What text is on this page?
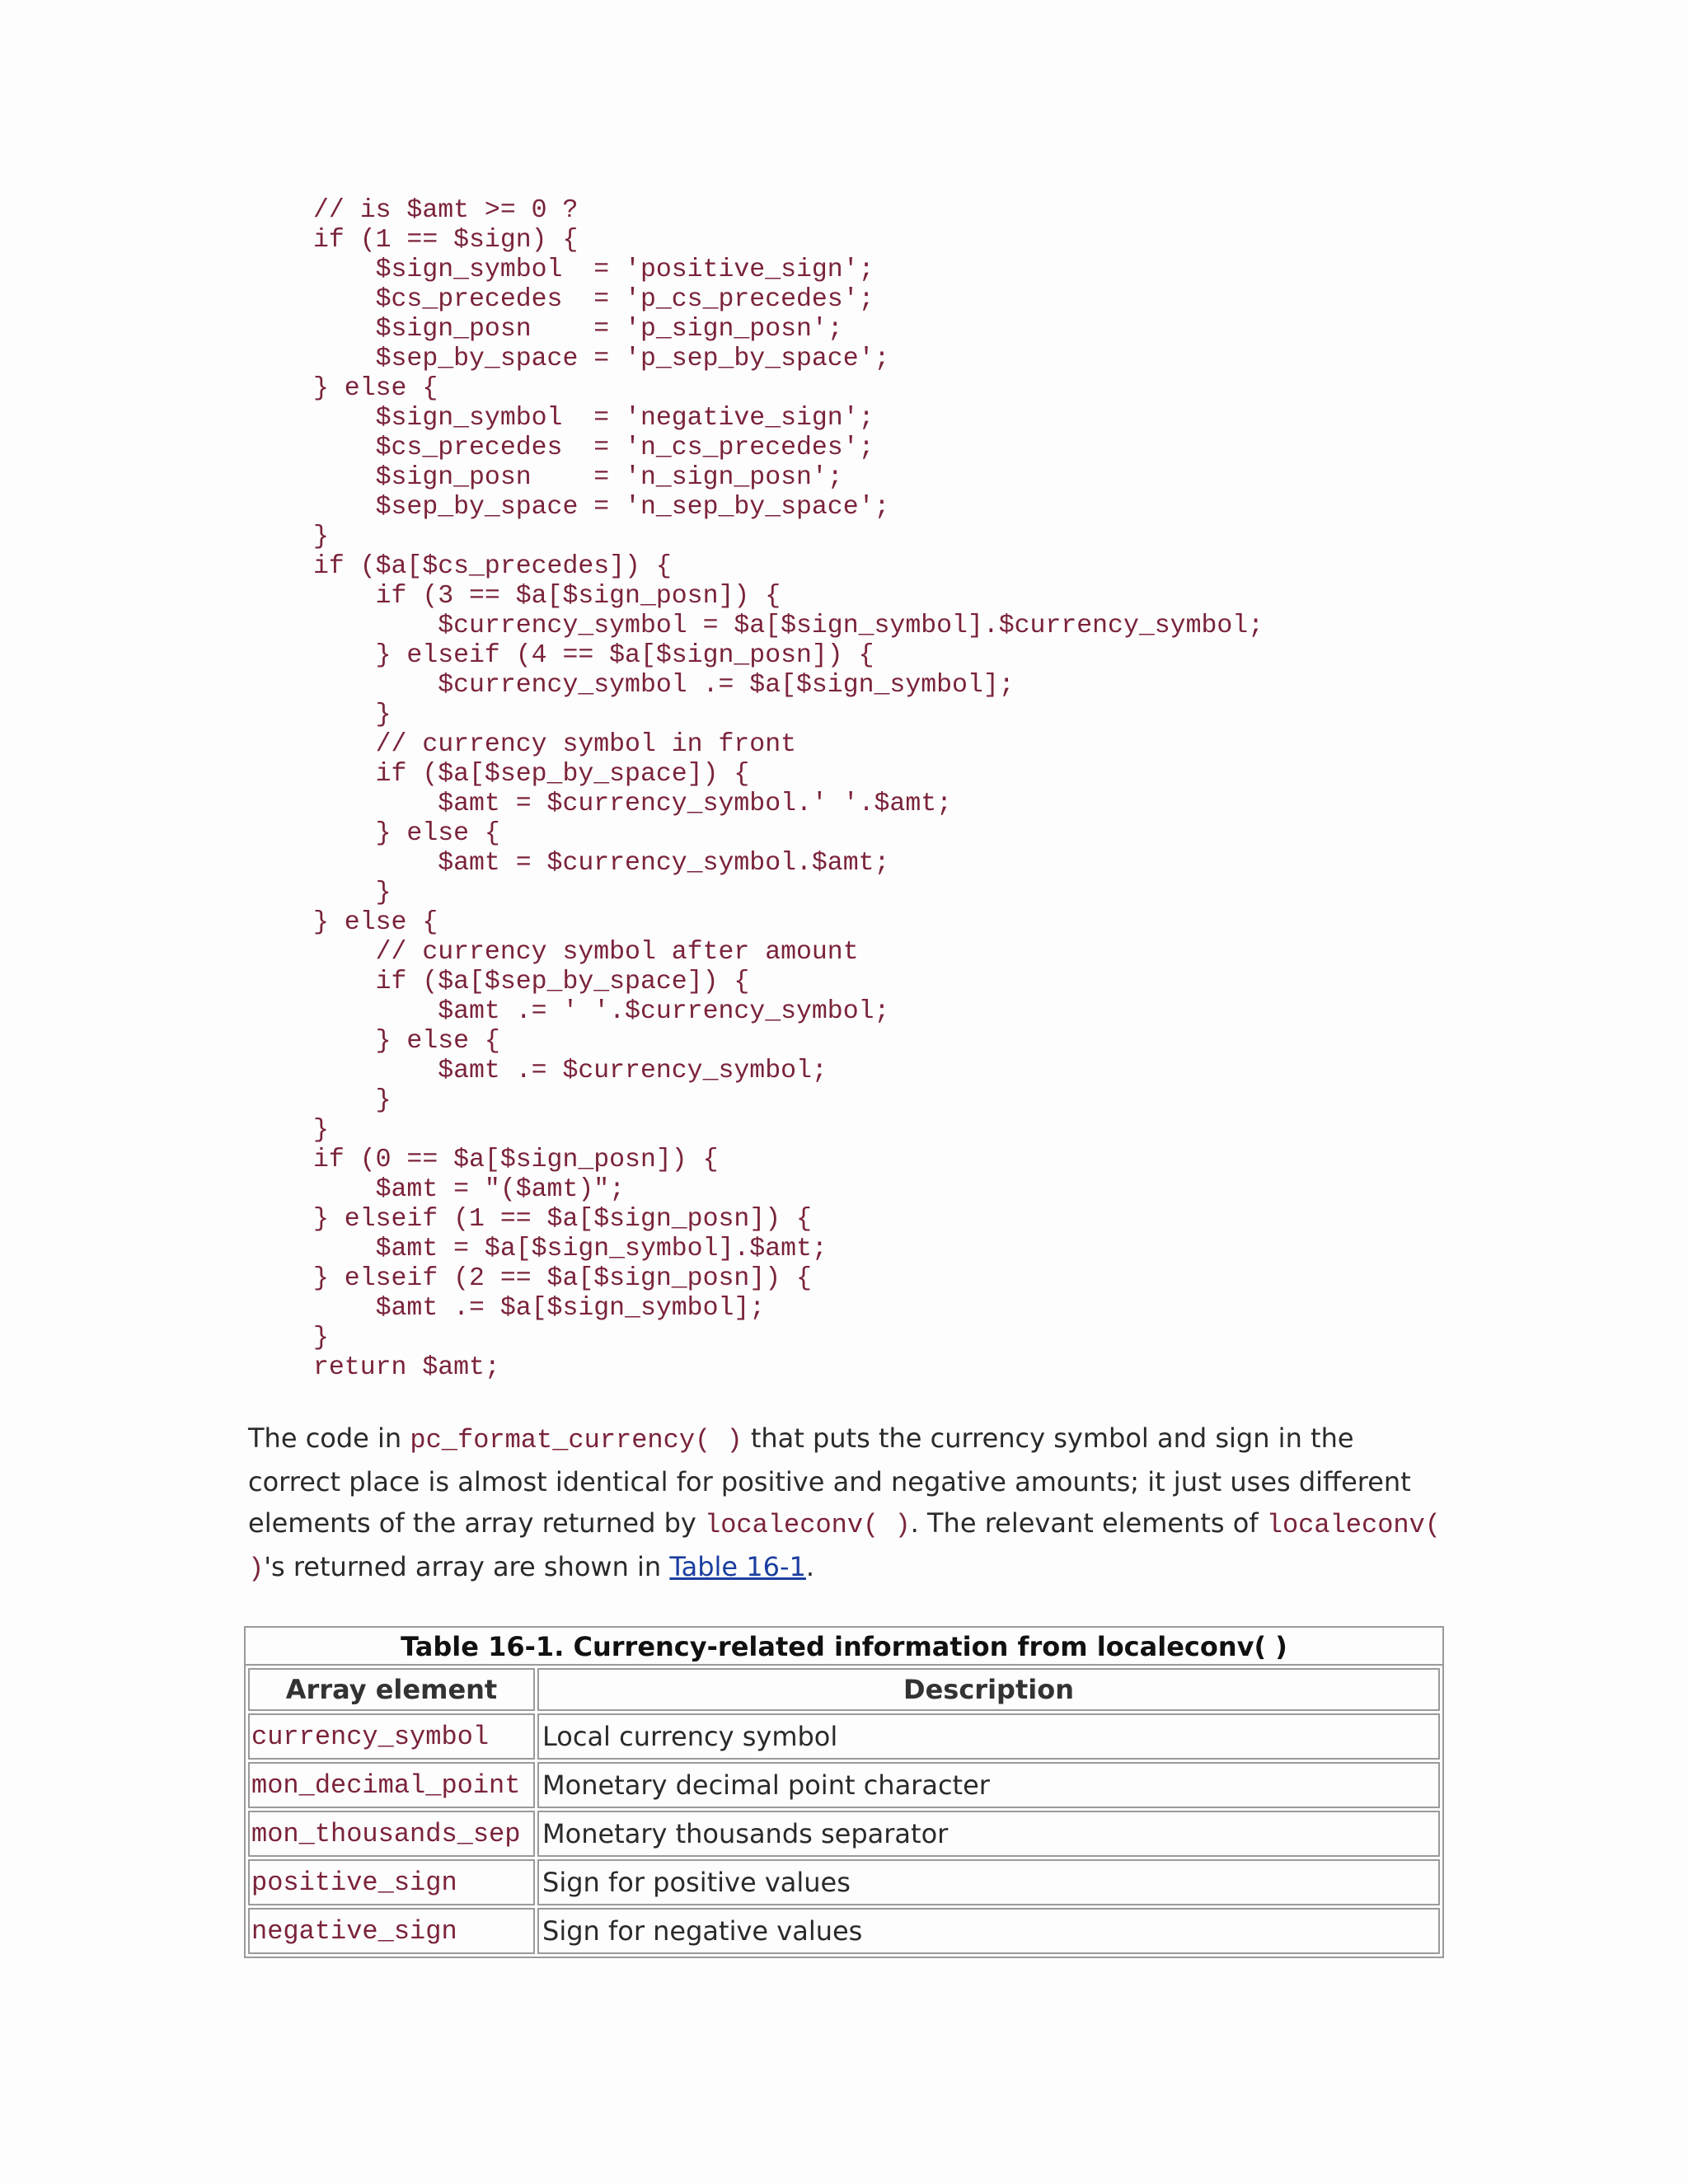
// is $amt >= 0 ?
if (1 == $sign) {
$sign_symbol  = 'positive_sign';
$cs_precedes  = 'p_cs_precedes';
$sign_posn    = 'p_sign_posn';
$sep_by_space = 'p_sep_by_space';
} else {
$sign_symbol  = 'negative_sign';
$cs_precedes  = 'n_cs_precedes';
$sign_posn    = 'n_sign_posn';
$sep_by_space = 'n_sep_by_space';
}
if ($a[$cs_precedes]) {
if (3 == $a[$sign_posn]) {
$currency_symbol = $a[$sign_symbol].$currency_symbol;
} elseif (4 == $a[$sign_posn]) {
$currency_symbol .= $a[$sign_symbol];
}
// currency symbol in front
if ($a[$sep_by_space]) {
$amt = $currency_symbol.' '.$amt;
} else {
$amt = $currency_symbol.$amt;
}
} else {
// currency symbol after amount
if ($a[$sep_by_space]) {
$amt .= ' '.$currency_symbol;
} else {
$amt .= $currency_symbol;
}
}
if (0 == $a[$sign_posn]) {
$amt = "($amt)";
} elseif (1 == $a[$sign_posn]) {
$amt = $a[$sign_symbol].$amt;
} elseif (2 == $a[$sign_posn]) {
$amt .= $a[$sign_symbol];
}
return $amt;

The code in pc_format_currency( ) that puts the currency symbol and sign in the correct place is almost identical for positive and negative amounts; it just uses different elements of the array returned by localeconv( ). The relevant elements of localeconv( )'s returned array are shown in Table 16-1.

Table 16-1. Currency-related information from localeconv( )
Array element	Description
currency_symbol	Local currency symbol
mon_decimal_point	Monetary decimal point character
mon_thousands_sep	Monetary thousands separator
positive_sign	Sign for positive values
negative_sign	Sign for negative values
